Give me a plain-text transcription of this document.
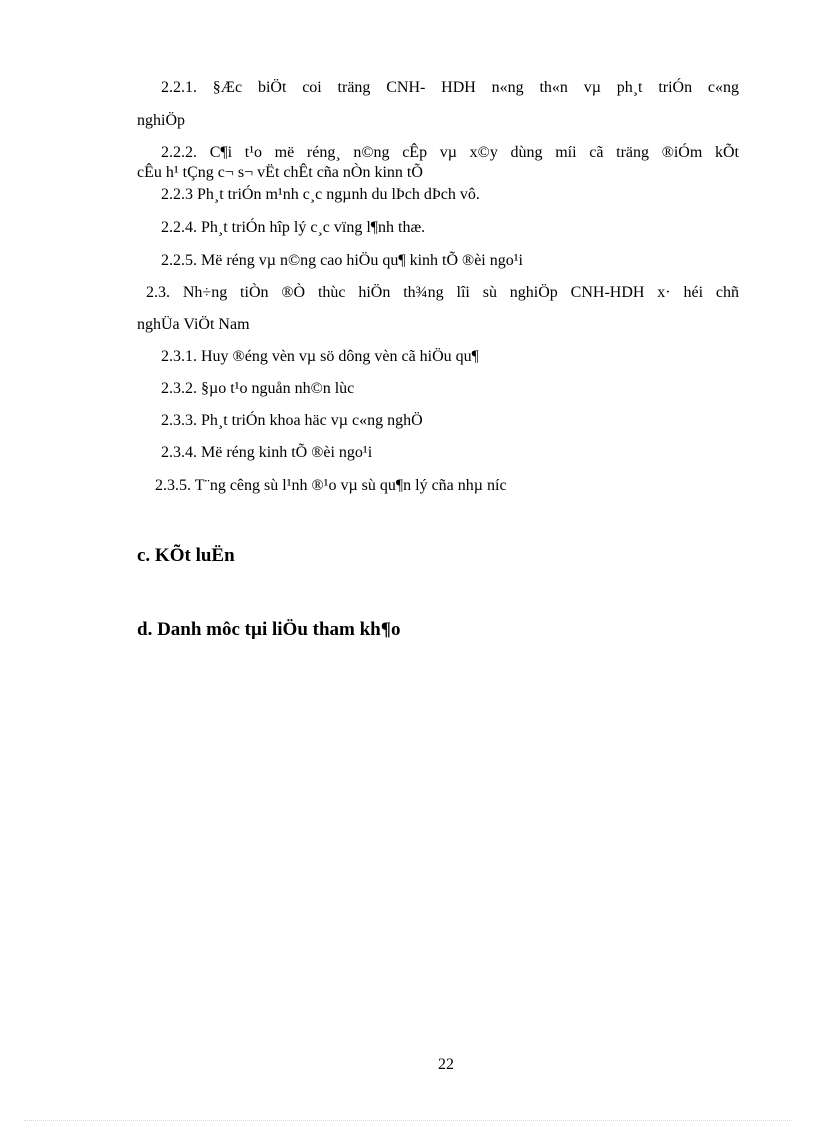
2.2.1. §Æc biÖt coi träng CNH- HDH n«ng th«n vµ ph¸t triÓn c«ng
nghiÖp
2.2.2. C¶i t¹o më réng¸ n©ng cÊp vµ x©y dùng míi cã träng ®iÓm kÕt
cÊu h¹ tÇng c¬ s¬ vËt chÊt cña nÒn kinn tÕ
2.2.3 Ph¸t triÓn m¹nh c¸c ngµnh du lÞch dÞch vô.
2.2.4. Ph¸t triÓn hîp lý c¸c vïng l¶nh thæ.
2.2.5. Më réng vµ n©ng cao hiÖu qu¶ kinh tÕ ®èi ngo¹i
2.3. Nh÷ng tiÒn ®Ò thùc hiÖn th¾ng lîi sù nghiÖp CNH-HDH x· héi chñ
nghÜa ViÖt Nam
2.3.1. Huy ®éng vèn vµ sö dông vèn cã hiÖu qu¶
2.3.2. §µo t¹o nguån nh©n lùc
2.3.3. Ph¸t triÓn khoa häc vµ c«ng nghÖ
2.3.4. Më réng kinh tÕ ®èi ngo¹i
2.3.5. T¨ng cêng sù l¹nh ®¹o vµ sù qu¶n lý cña nhµ níc
c. KÕt luËn
d. Danh môc tµi liÖu tham kh¶o
22
